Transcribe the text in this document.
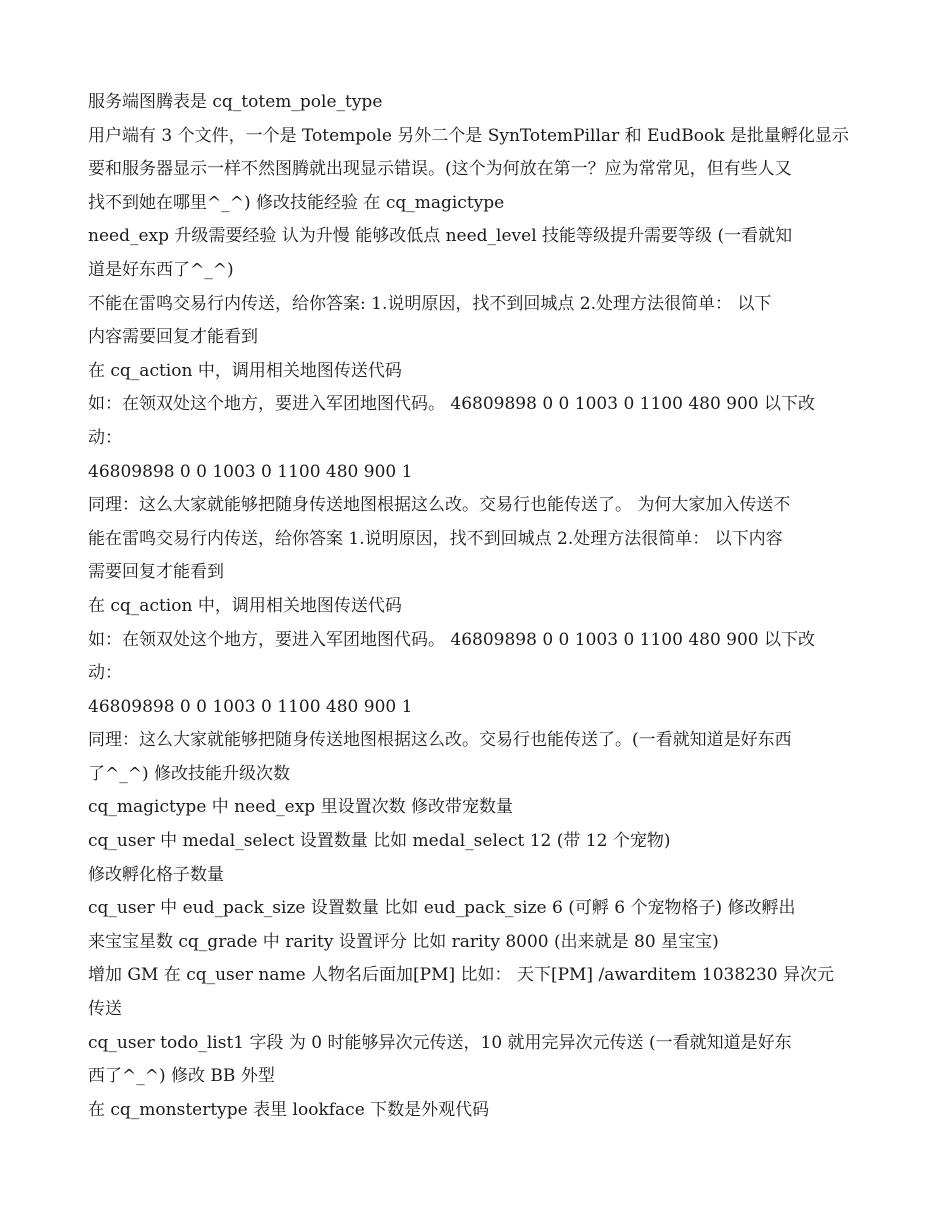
服务端图腾表是 cq_totem_pole_type
用户端有 3 个文件，一个是 Totempole 另外二个是 SynTotemPillar 和 EudBook 是批量孵化显示
要和服务器显示一样不然图腾就出现显示错误。(这个为何放在第一？应为常常见，但有些人又
找不到她在哪里^_^) 修改技能经验 在 cq_magictype
need_exp 升级需要经验 认为升慢 能够改低点 need_level 技能等级提升需要等级 (一看就知
道是好东西了^_^)
不能在雷鸣交易行内传送，给你答案: 1.说明原因，找不到回城点 2.处理方法很简单： 以下
内容需要回复才能看到
在 cq_action 中，调用相关地图传送代码
如：在领双处这个地方，要进入军团地图代码。 46809898 0 0 1003 0 1100 480 900 以下改
动：
46809898 0 0 1003 0 1100 480 900 1
同理：这么大家就能够把随身传送地图根据这么改。交易行也能传送了。 为何大家加入传送不
能在雷鸣交易行内传送，给你答案 1.说明原因，找不到回城点 2.处理方法很简单： 以下内容
需要回复才能看到
在 cq_action 中，调用相关地图传送代码
如：在领双处这个地方，要进入军团地图代码。 46809898 0 0 1003 0 1100 480 900 以下改
动：
46809898 0 0 1003 0 1100 480 900 1
同理：这么大家就能够把随身传送地图根据这么改。交易行也能传送了。(一看就知道是好东西
了^_^) 修改技能升级次数
cq_magictype 中 need_exp 里设置次数 修改带宠数量
cq_user 中 medal_select 设置数量 比如 medal_select 12 (带 12 个宠物)
修改孵化格子数量
cq_user 中 eud_pack_size 设置数量 比如 eud_pack_size 6 (可孵 6 个宠物格子) 修改孵出
来宝宝星数 cq_grade 中 rarity 设置评分 比如 rarity 8000 (出来就是 80 星宝宝)
增加 GM 在 cq_user name 人物名后面加[PM] 比如： 天下[PM] /awarditem 1038230 异次元
传送
cq_user todo_list1 字段 为 0 时能够异次元传送，10 就用完异次元传送 (一看就知道是好东
西了^_^) 修改 BB 外型
在 cq_monstertype 表里 lookface 下数是外观代码
